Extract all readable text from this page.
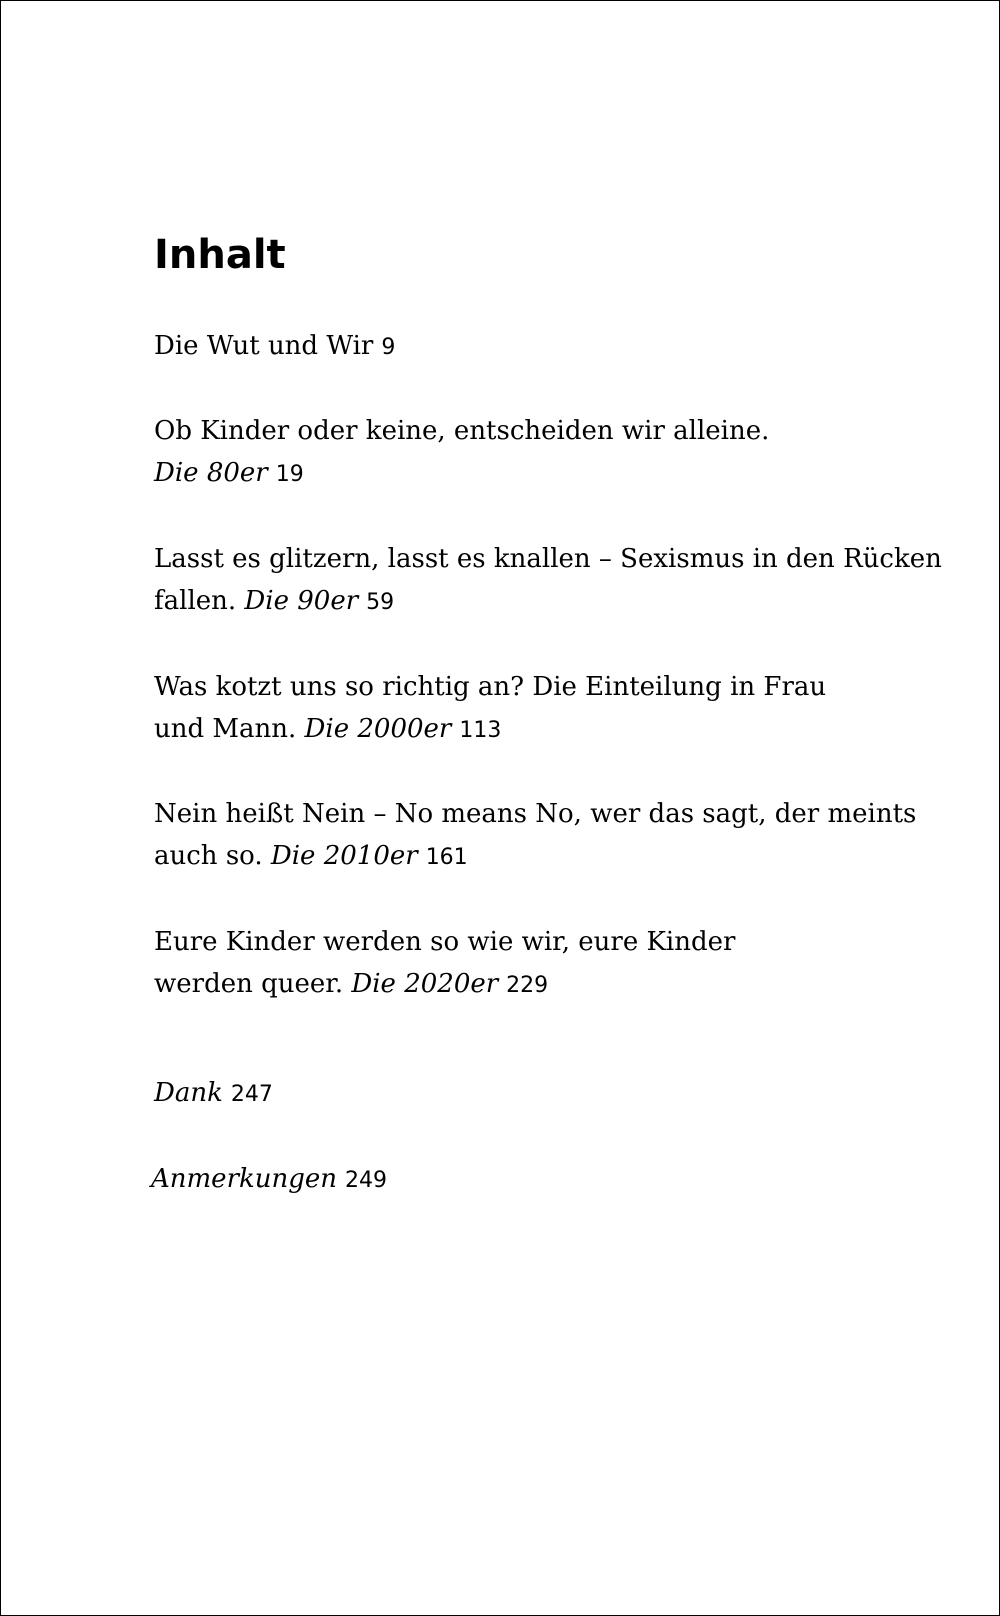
Inhalt
Die Wut und Wir 9
Ob Kinder oder keine, entscheiden wir alleine.
Die 80er 19
Lasst es glitzern, lasst es knallen – Sexismus in den Rücken
fallen. Die 90er 59
Was kotzt uns so richtig an? Die Einteilung in Frau
und Mann. Die 2000er 113
Nein heißt Nein – No means No, wer das sagt, der meints
auch so. Die 2010er 161
Eure Kinder werden so wie wir, eure Kinder
werden queer. Die 2020er 229
Dank 247
Anmerkungen 249
